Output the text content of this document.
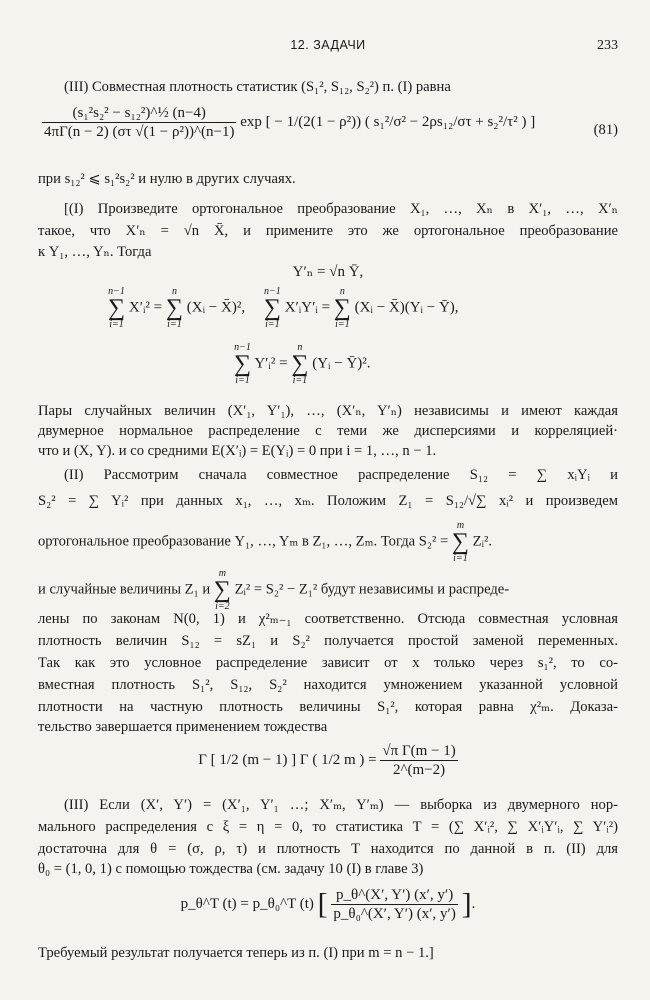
12. ЗАДАЧИ	233
(III) Совместная плотность статистик (S₁², S₁₂, S₂²) п. (I) равна
$\frac{\text{(s₁²s₂² − s₁₂²)\textasciicircum{}½ (n−4)}}{\text{4πΓ(n − 2) (στ √(1 − ρ²))\textasciicircum{}(n−1)}}$ exp [ − 1/(2(1 − ρ²)) ( s₁²/σ² − 2ρs₁₂/στ + s₂²/τ² ) ]
(81)
при s₁₂² ⩽ s₁²s₂² и нулю в других случаях.
[(I) Произведите ортогональное преобразование X₁, …, Xₙ в X′₁, …, X′ₙ
такое, что X′ₙ = √n X̄, и примените это же ортогональное преобразование
к Y₁, …, Yₙ. Тогда
Y′ₙ = √n Ȳ,
n−1
∑
i=1
X′ᵢ² =
n
∑
i=1
(Xᵢ − X̄)²,
n−1
∑
i=1
X′ᵢY′ᵢ =
n
∑
i=1
(Xᵢ − X̄)(Yᵢ − Ȳ),
n−1
∑
i=1
Y′ᵢ² =
n
∑
i=1
(Yᵢ − Ȳ)².
Пары случайных величин (X′₁, Y′₁), …, (X′ₙ, Y′ₙ) независимы и имеют каждая
двумерное нормальное распределение с теми же дисперсиями и корреляцией·
что и (X, Y). и со средними E(X′ᵢ) = E(Yᵢ) = 0 при i = 1, …, n − 1.
(II) Рассмотрим сначала совместное распределение S₁₂ = ∑ xᵢYᵢ и
S₂² = ∑ Yᵢ² при данных x₁, …, xₘ. Положим Z₁ = S₁₂/√∑ xᵢ² и произведем
ортогональное преобразование Y₁, …, Yₘ в Z₁, …, Zₘ. Тогда S₂² =
m
∑
i=1
Zᵢ².
и случайные величины Z₁ и
m
∑
i=2
Zᵢ² = S₂² − Z₁² будут независимы и распреде-
лены по законам N(0, 1) и χ²ₘ₋₁ соответственно. Отсюда совместная условная
плотность величин S₁₂ = sZ₁ и S₂² получается простой заменой переменных.
Так как это условное распределение зависит от x только через s₁², то со-
вместная плотность S₁², S₁₂, S₂² находится умножением указанной условной
плотности на частную плотность величины S₁², которая равна χ²ₘ. Доказа-
тельство завершается применением тождества
Γ [ 1/2 (m − 1) ] Γ ( 1/2 m ) = $\frac{\text{√π Γ(m − 1)}}{2\^{}(m-2)}$
(III) Если (X′, Y′) = (X′₁, Y′₁ …; X′ₘ, Y′ₘ) — выборка из двумерного нор-
мального распределения с ξ = η = 0, то статистика T = (∑ X′ᵢ², ∑ X′ᵢY′ᵢ, ∑ Y′ᵢ²)
достаточна для θ = (σ, ρ, τ) и плотность T находится по данной в п. (II) для
θ₀ = (1, 0, 1) с помощью тождества (см. задачу 10 (I) в главе 3)
p_θ^T (t) = p_θ₀^T (t) [ $\frac{p\_\theta\^{}(X', Y') (x', y')}{\text{p\_θ₀\textasciicircum{}(X′, Y′) (x′, y′)}}$ ].
Требуемый результат получается теперь из п. (I) при m = n − 1.]
